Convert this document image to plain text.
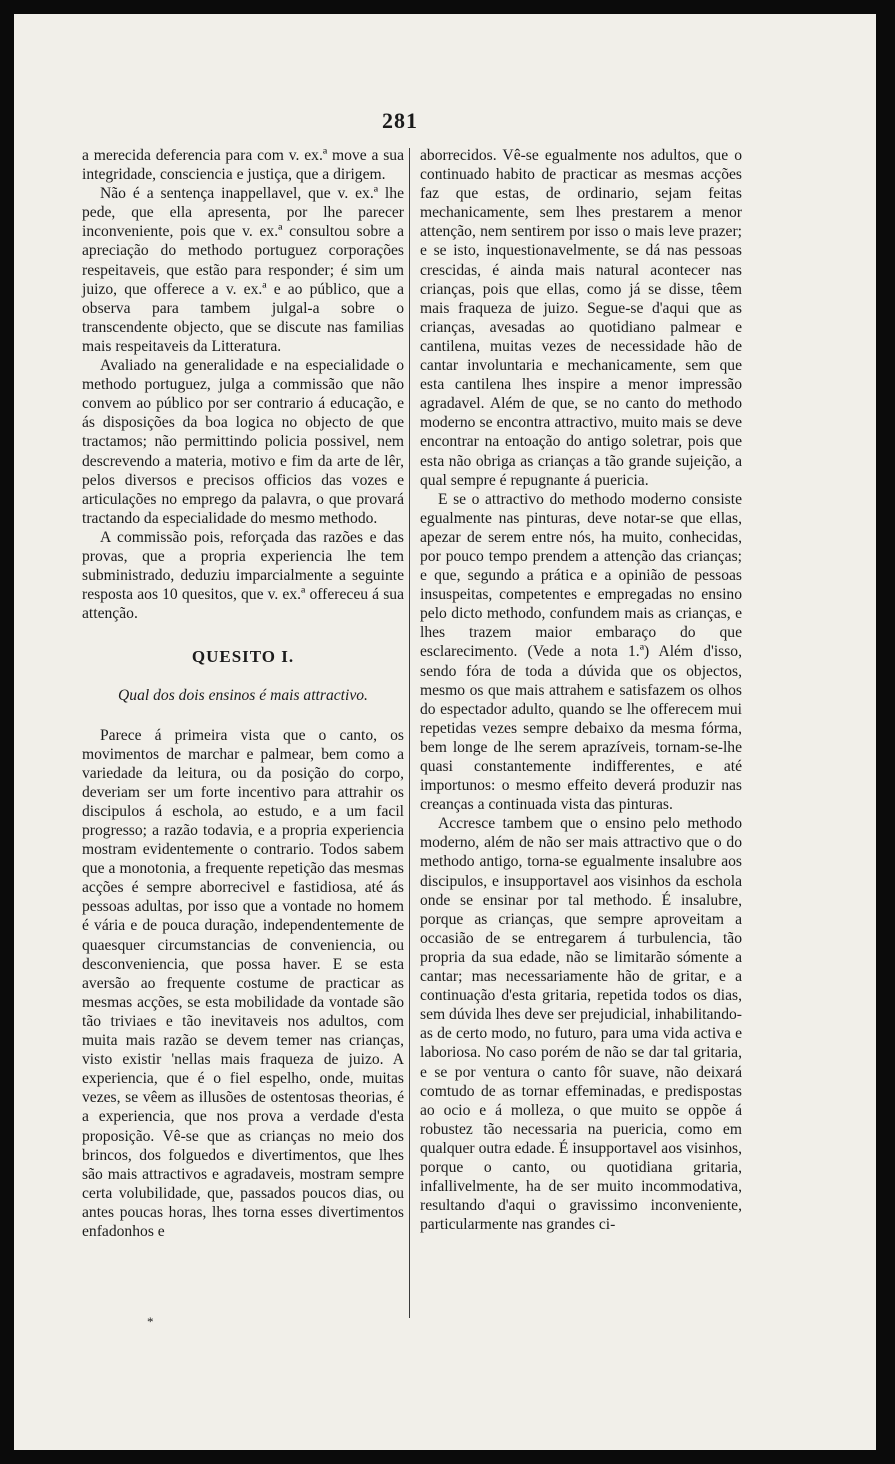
281

a merecida deferencia para com v. ex.ª move a sua integridade, consciencia e justiça, que a dirigem.

Não é a sentença inappellavel, que v. ex.ª lhe pede, que ella apresenta, por lhe parecer inconveniente, pois que v. ex.ª consultou sobre a apreciação do methodo portuguez corporações respeitaveis, que estão para responder; é sim um juizo, que offerece a v. ex.ª e ao público, que a observa para tambem julgal-a sobre o transcendente objecto, que se discute nas familias mais respeitaveis da Litteratura.

Avaliado na generalidade e na especialidade o methodo portuguez, julga a commissão que não convem ao público por ser contrario á educação, e ás disposições da boa logica no objecto de que tractamos; não permittindo policia possivel, nem descrevendo a materia, motivo e fim da arte de lêr, pelos diversos e precisos officios das vozes e articulações no emprego da palavra, o que provará tractando da especialidade do mesmo methodo.

A commissão pois, reforçada das razões e das provas, que a propria experiencia lhe tem subministrado, deduziu imparcialmente a seguinte resposta aos 10 quesitos, que v. ex.ª offereceu á sua attenção.

QUESITO I.

Qual dos dois ensinos é mais attractivo.

Parece á primeira vista que o canto, os movimentos de marchar e palmear, bem como a variedade da leitura, ou da posição do corpo, deveriam ser um forte incentivo para attrahir os discipulos á eschola, ao estudo, e a um facil progresso; a razão todavia, e a propria experiencia mostram evidentemente o contrario. Todos sabem que a monotonia, a frequente repetição das mesmas acções é sempre aborrecivel e fastidiosa, até ás pessoas adultas, por isso que a vontade no homem é vária e de pouca duração, independentemente de quaesquer circumstancias de conveniencia, ou desconveniencia, que possa haver. E se esta aversão ao frequente costume de practicar as mesmas acções, se esta mobilidade da vontade são tão triviaes e tão inevitaveis nos adultos, com muita mais razão se devem temer nas crianças, visto existir 'nellas mais fraqueza de juizo. A experiencia, que é o fiel espelho, onde, muitas vezes, se vêem as illusões de ostentosas theorias, é a experiencia, que nos prova a verdade d'esta proposição. Vê-se que as crianças no meio dos brincos, dos folguedos e divertimentos, que lhes são mais attractivos e agradaveis, mostram sempre certa volubilidade, que, passados poucos dias, ou antes poucas horas, lhes torna esses divertimentos enfadonhos e

aborrecidos. Vê-se egualmente nos adultos, que o continuado habito de practicar as mesmas acções faz que estas, de ordinario, sejam feitas mechanicamente, sem lhes prestarem a menor attenção, nem sentirem por isso o mais leve prazer; e se isto, inquestionavelmente, se dá nas pessoas crescidas, é ainda mais natural acontecer nas crianças, pois que ellas, como já se disse, têem mais fraqueza de juizo. Segue-se d'aqui que as crianças, avesadas ao quotidiano palmear e cantilena, muitas vezes de necessidade hão de cantar involuntaria e mechanicamente, sem que esta cantilena lhes inspire a menor impressão agradavel. Além de que, se no canto do methodo moderno se encontra attractivo, muito mais se deve encontrar na entoação do antigo soletrar, pois que esta não obriga as crianças a tão grande sujeição, a qual sempre é repugnante á puericia.

E se o attractivo do methodo moderno consiste egualmente nas pinturas, deve notar-se que ellas, apezar de serem entre nós, ha muito, conhecidas, por pouco tempo prendem a attenção das crianças; e que, segundo a prática e a opinião de pessoas insuspeitas, competentes e empregadas no ensino pelo dicto methodo, confundem mais as crianças, e lhes trazem maior embaraço do que esclarecimento. (Vede a nota 1.ª) Além d'isso, sendo fóra de toda a dúvida que os objectos, mesmo os que mais attrahem e satisfazem os olhos do espectador adulto, quando se lhe offerecem mui repetidas vezes sempre debaixo da mesma fórma, bem longe de lhe serem aprazíveis, tornam-se-lhe quasi constantemente indifferentes, e até importunos: o mesmo effeito deverá produzir nas creanças a continuada vista das pinturas.

Accresce tambem que o ensino pelo methodo moderno, além de não ser mais attractivo que o do methodo antigo, torna-se egualmente insalubre aos discipulos, e insupportavel aos visinhos da eschola onde se ensinar por tal methodo. É insalubre, porque as crianças, que sempre aproveitam a occasião de se entregarem á turbulencia, tão propria da sua edade, não se limitarão sómente a cantar; mas necessariamente hão de gritar, e a continuação d'esta gritaria, repetida todos os dias, sem dúvida lhes deve ser prejudicial, inhabilitando-as de certo modo, no futuro, para uma vida activa e laboriosa. No caso porém de não se dar tal gritaria, e se por ventura o canto fôr suave, não deixará comtudo de as tornar effeminadas, e predispostas ao ocio e á molleza, o que muito se oppõe á robustez tão necessaria na puericia, como em qualquer outra edade. É insupportavel aos visinhos, porque o canto, ou quotidiana gritaria, infallivelmente, ha de ser muito incommodativa, resultando d'aqui o gravissimo inconveniente, particularmente nas grandes ci-

*
